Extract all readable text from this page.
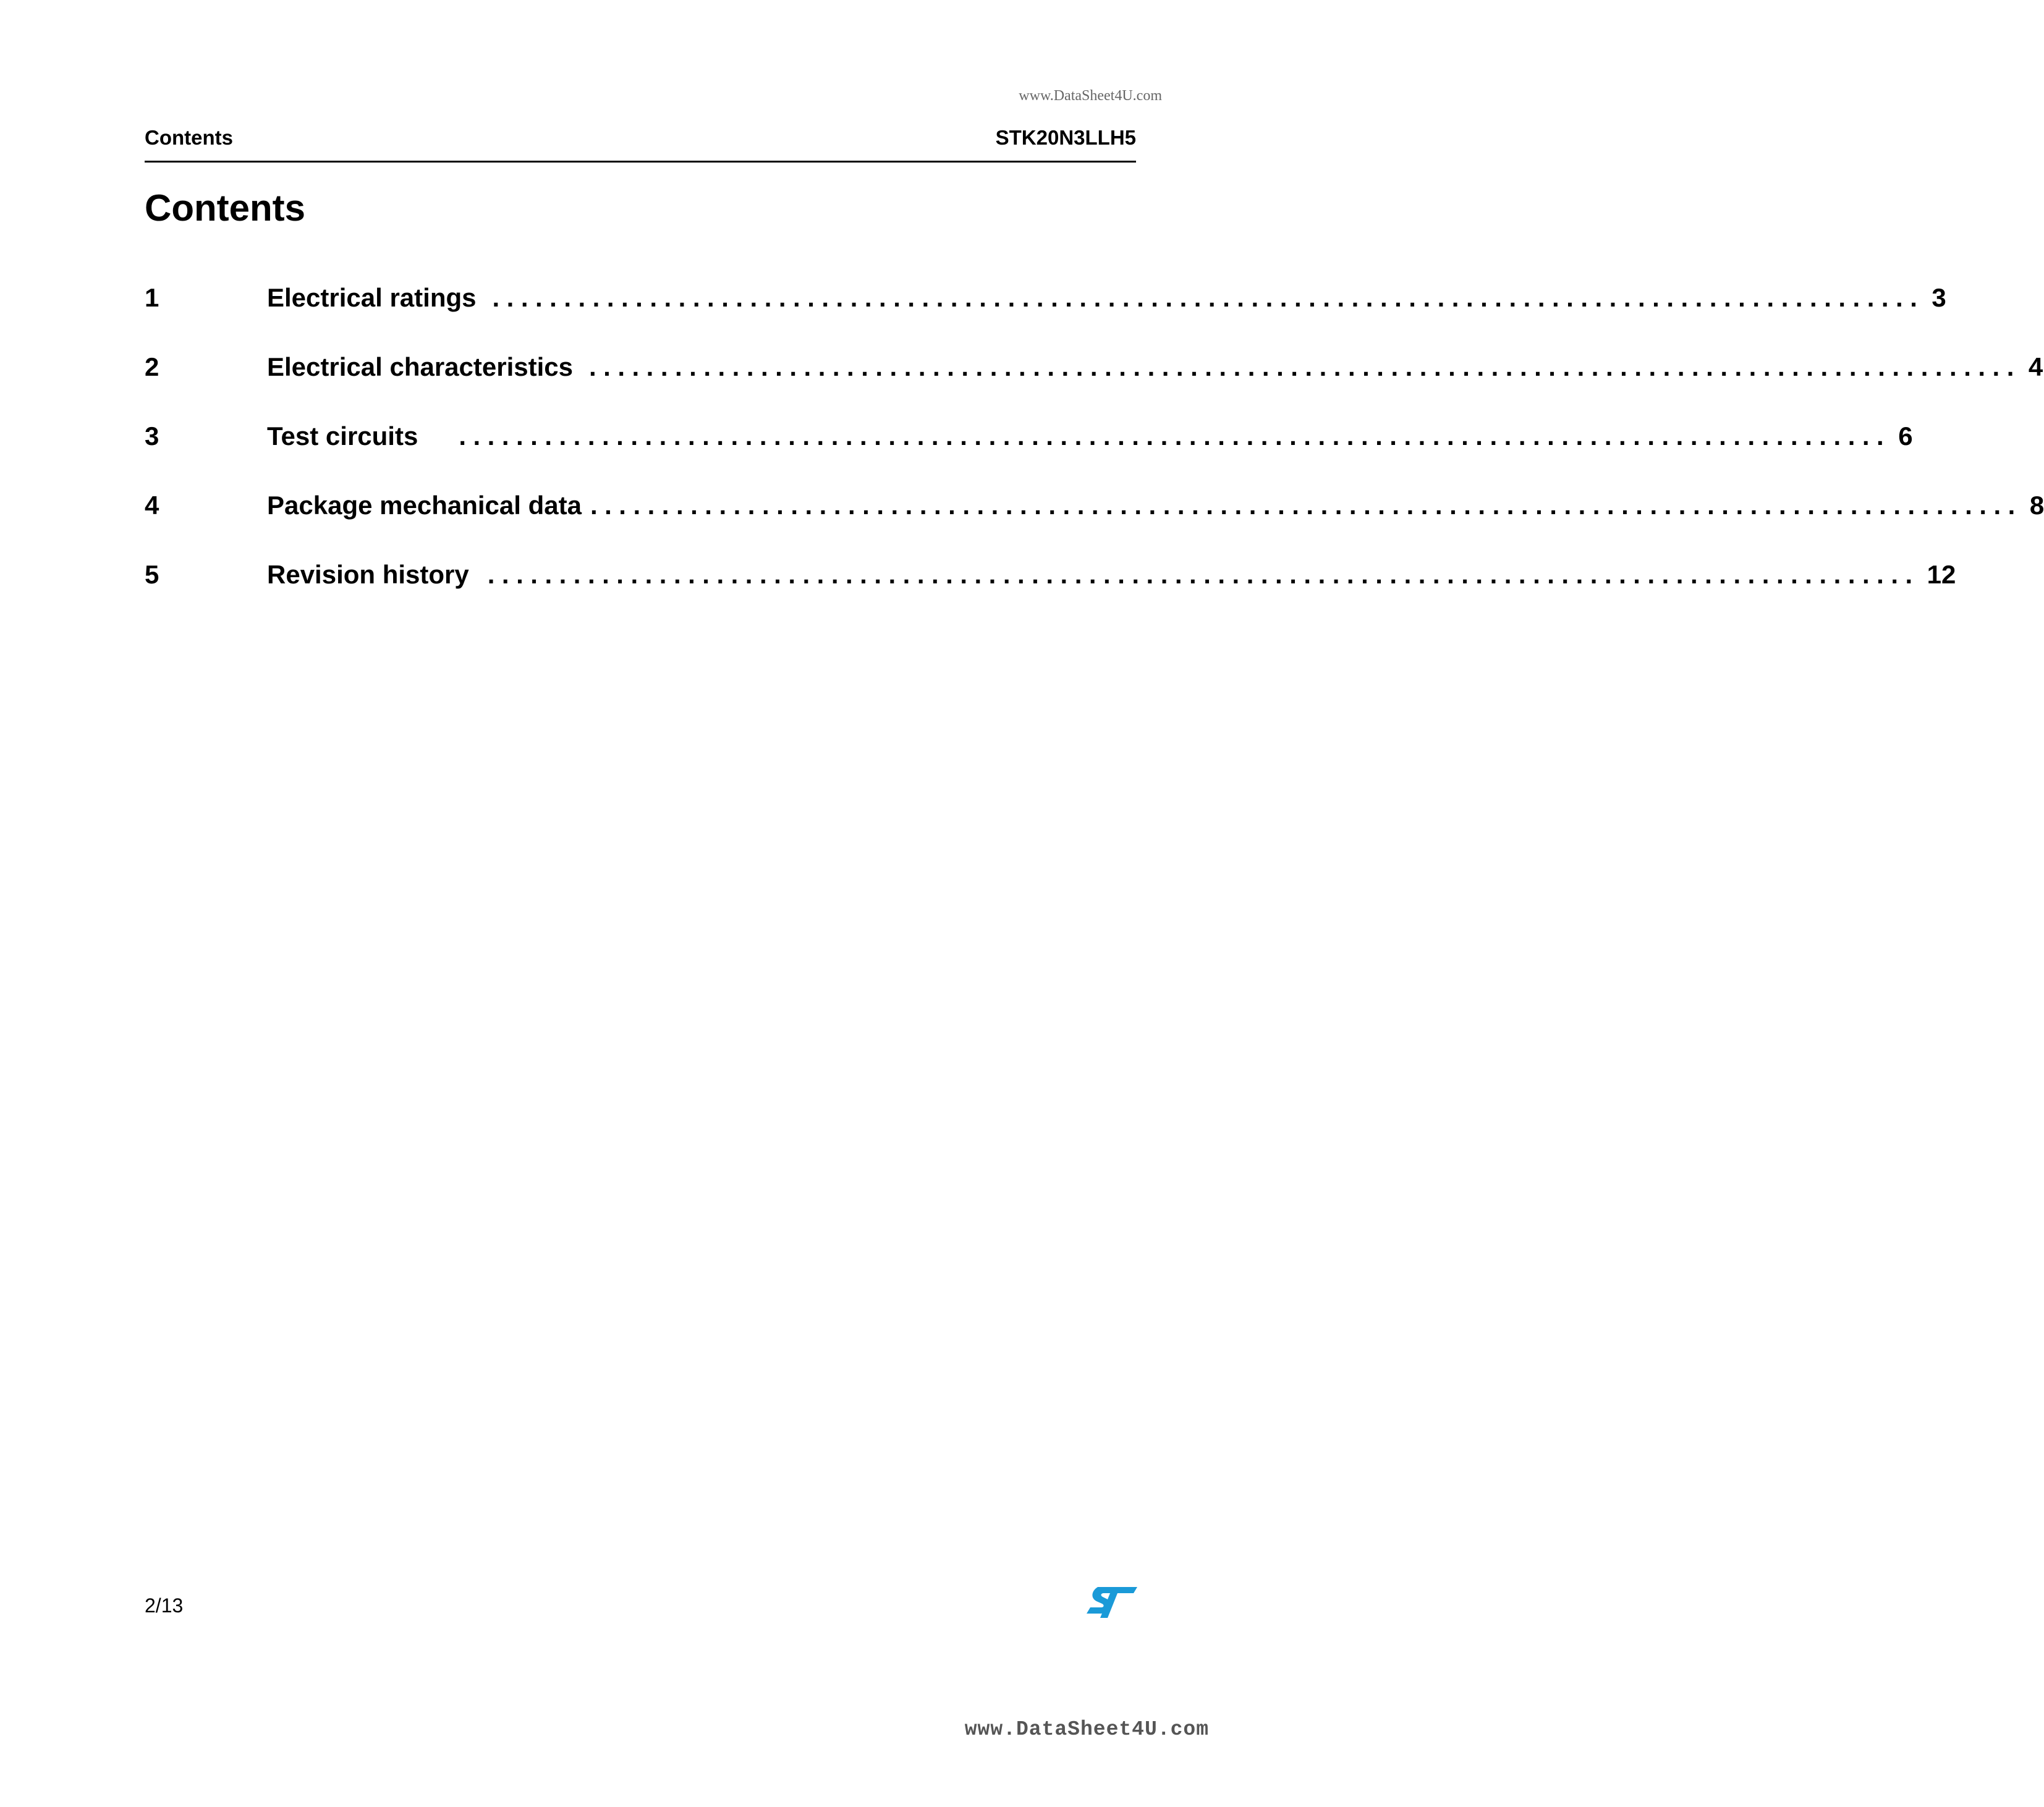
www.DataSheet4U.com
Contents	STK20N3LLH5
Contents
1	Electrical ratings .................................................................................................... 3
2	Electrical characteristics .................................................................................................... 4
3	Test circuits	.................................................................................................... 6
4	Package mechanical data .................................................................................................... 8
5	Revision history .................................................................................................... 12
2/13
www.DataSheet4U.com
